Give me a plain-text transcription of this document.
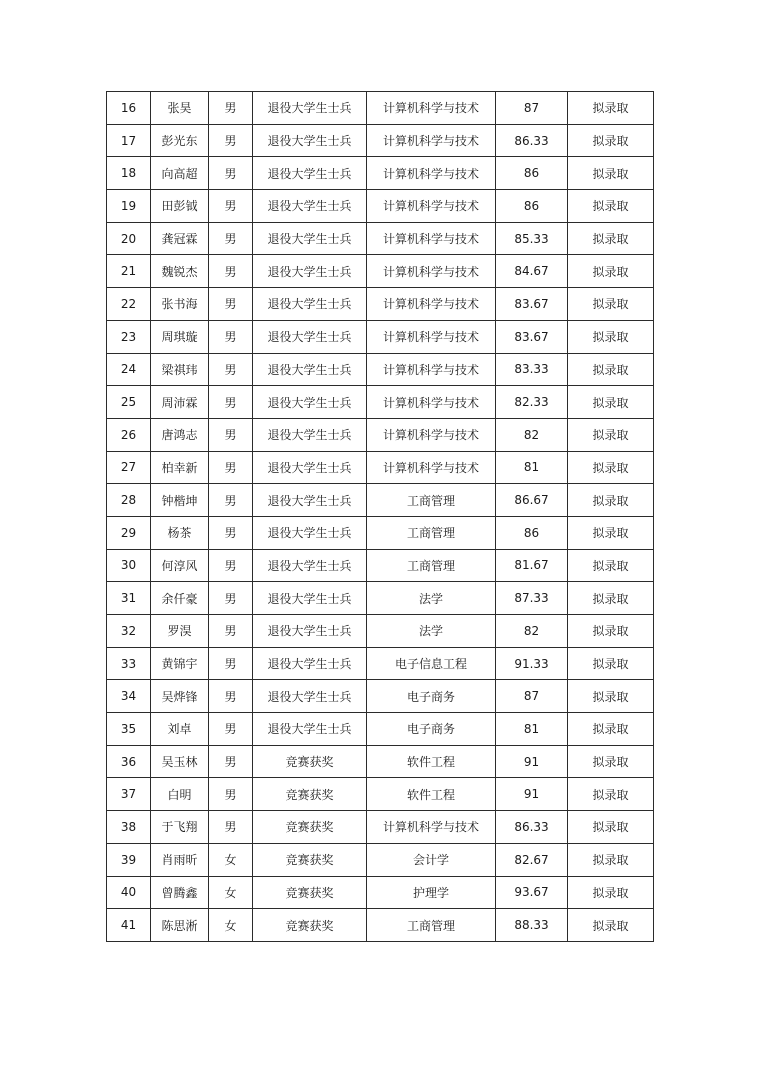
16	张昊	男	退役大学生士兵	计算机科学与技术	87	拟录取
17	彭光东	男	退役大学生士兵	计算机科学与技术	86.33	拟录取
18	向高超	男	退役大学生士兵	计算机科学与技术	86	拟录取
19	田彭钺	男	退役大学生士兵	计算机科学与技术	86	拟录取
20	龚冠霖	男	退役大学生士兵	计算机科学与技术	85.33	拟录取
21	魏锐杰	男	退役大学生士兵	计算机科学与技术	84.67	拟录取
22	张书海	男	退役大学生士兵	计算机科学与技术	83.67	拟录取
23	周琪璇	男	退役大学生士兵	计算机科学与技术	83.67	拟录取
24	梁祺玮	男	退役大学生士兵	计算机科学与技术	83.33	拟录取
25	周沛霖	男	退役大学生士兵	计算机科学与技术	82.33	拟录取
26	唐鸿志	男	退役大学生士兵	计算机科学与技术	82	拟录取
27	柏幸新	男	退役大学生士兵	计算机科学与技术	81	拟录取
28	钟楷坤	男	退役大学生士兵	工商管理	86.67	拟录取
29	杨茶	男	退役大学生士兵	工商管理	86	拟录取
30	何淳风	男	退役大学生士兵	工商管理	81.67	拟录取
31	余仟豪	男	退役大学生士兵	法学	87.33	拟录取
32	罗淏	男	退役大学生士兵	法学	82	拟录取
33	黄锦宇	男	退役大学生士兵	电子信息工程	91.33	拟录取
34	吴烨锋	男	退役大学生士兵	电子商务	87	拟录取
35	刘卓	男	退役大学生士兵	电子商务	81	拟录取
36	吴玉林	男	竞赛获奖	软件工程	91	拟录取
37	白明	男	竞赛获奖	软件工程	91	拟录取
38	于飞翔	男	竞赛获奖	计算机科学与技术	86.33	拟录取
39	肖雨昕	女	竞赛获奖	会计学	82.67	拟录取
40	曾腾鑫	女	竞赛获奖	护理学	93.67	拟录取
41	陈思淅	女	竞赛获奖	工商管理	88.33	拟录取
